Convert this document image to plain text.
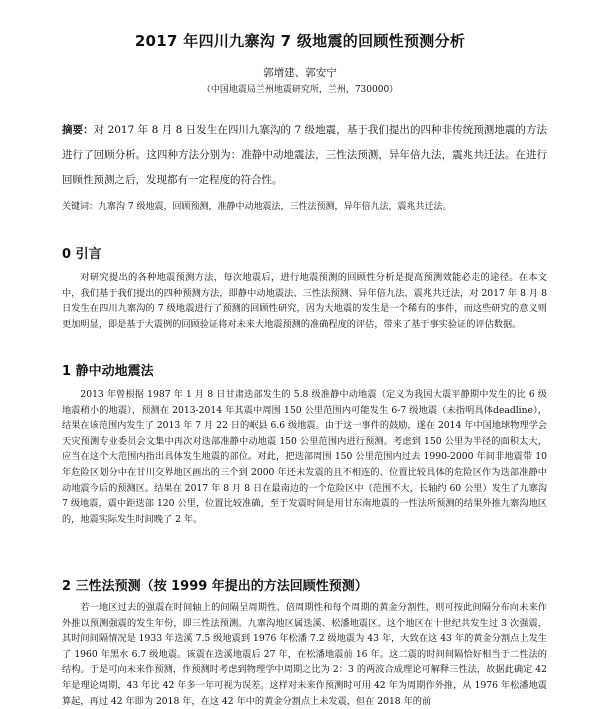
2017 年四川九寨沟 7 级地震的回顾性预测分析
郭增建、郭安宁
（中国地震局兰州地震研究所，兰州，730000）

摘要：对 2017 年 8 月 8 日发生在四川九寨沟的 7 级地震，基于我们提出的四种非传统预测地震的方法进行了回顾分析。这四种方法分别为：准静中动地震法，三性法预测，异年倍九法，震兆共迁法。在进行回顾性预测之后，发现都有一定程度的符合性。

关键词：九寨沟 7 级地震，回顾预测，准静中动地震法，三性法预测，异年倍九法，震兆共迁法。

0 引言

对研究提出的各种地震预测方法，每次地震后，进行地震预测的回顾性分析是提高预测效能必走的途径。在本文中，我们基于我们提出的四种预测方法，即静中动地震法、三性法预测、异年倍九法、震兆共迁法，对 2017 年 8 月 8 日发生在四川九寨沟的 7 级地震进行了预测的回顾性研究，因为大地震的发生是一个稀有的事件，而这些研究的意义则更加明显，即是基于大震例的回顾验证将对未来大地震预测的准确程度的评估，带来了基于事实验证的评估数据。

1 静中动地震法

2013 年曾根据 1987 年 1 月 8 日甘肃迭部发生的 5.8 级准静中动地震（定义为我国大震平静期中发生的比 6 级地震稍小的地震），预测在 2013-2014 年其震中周围 150 公里范围内可能发生 6-7 级地震（未指明具体deadline），结果在该范围内发生了 2013 年 7 月 22 日的岷县 6.6 级地震。由于这一事件的鼓励，遂在 2014 年中国地球物理学会天灾预测专业委员会文集中再次对迭部准静中动地震 150 公里范围内进行预测。考虑到 150 公里为半径的面积太大，应当在这个大范围内指出具体发生地震的部位。对此，把迭部周围 150 公里范围内过去 1990-2000 年间非地震带 10 年危险区划分中在甘川交界地区画出的三个到 2000 年还未发震的且不相连的、位置比较具体的危险区作为迭部准静中动地震今后的预测区。结果在 2017 年 8 月 8 日在最南边的一个危险区中（范围不大，长轴约 60 公里）发生了九寨沟 7 级地震，震中距迭部 120 公里，位置比较准确，至于发震时间是用甘东南地震的一性法所预测的结果外推九寨沟地区的，地震实际发生时间晚了 2 年。

2 三性法预测（按 1999 年提出的方法回顾性预测）

若一地区过去的强震在时间轴上的间隔呈周期性、倍周期性和每个周期的黄金分割性，则可按此间隔分布向未来作外推以预测强震的发生年份，即三性法预测。九寨沟地区属迭溪、松潘地震区。这个地区在十世纪共发生过 3 次强震，其时间间隔情况是 1933 年迭溪 7.5 级地震到 1976 年松潘 7.2 级地震为 43 年，大致在这 43 年的黄金分割点上发生了 1960 年黑水 6.7 级地震。该震在迭溪地震后 27 年，在松潘地震前 16 年。这二震的时间间隔恰好相当于二性法的结构。于是可向未来作预测，作预测时考虑到物理学中周期之比为 2：3 的两波合成理论可解释三性法，故据此确定 42 年是理论周期，43 年比 42 年多一年可视为误差。这样对未来作预测时可用 42 年为周期作外推，从 1976 年松潘地震算起，再过 42 年即为 2018 年，在这 42 年中的黄金分割点上未发震，但在 2018 年的前
